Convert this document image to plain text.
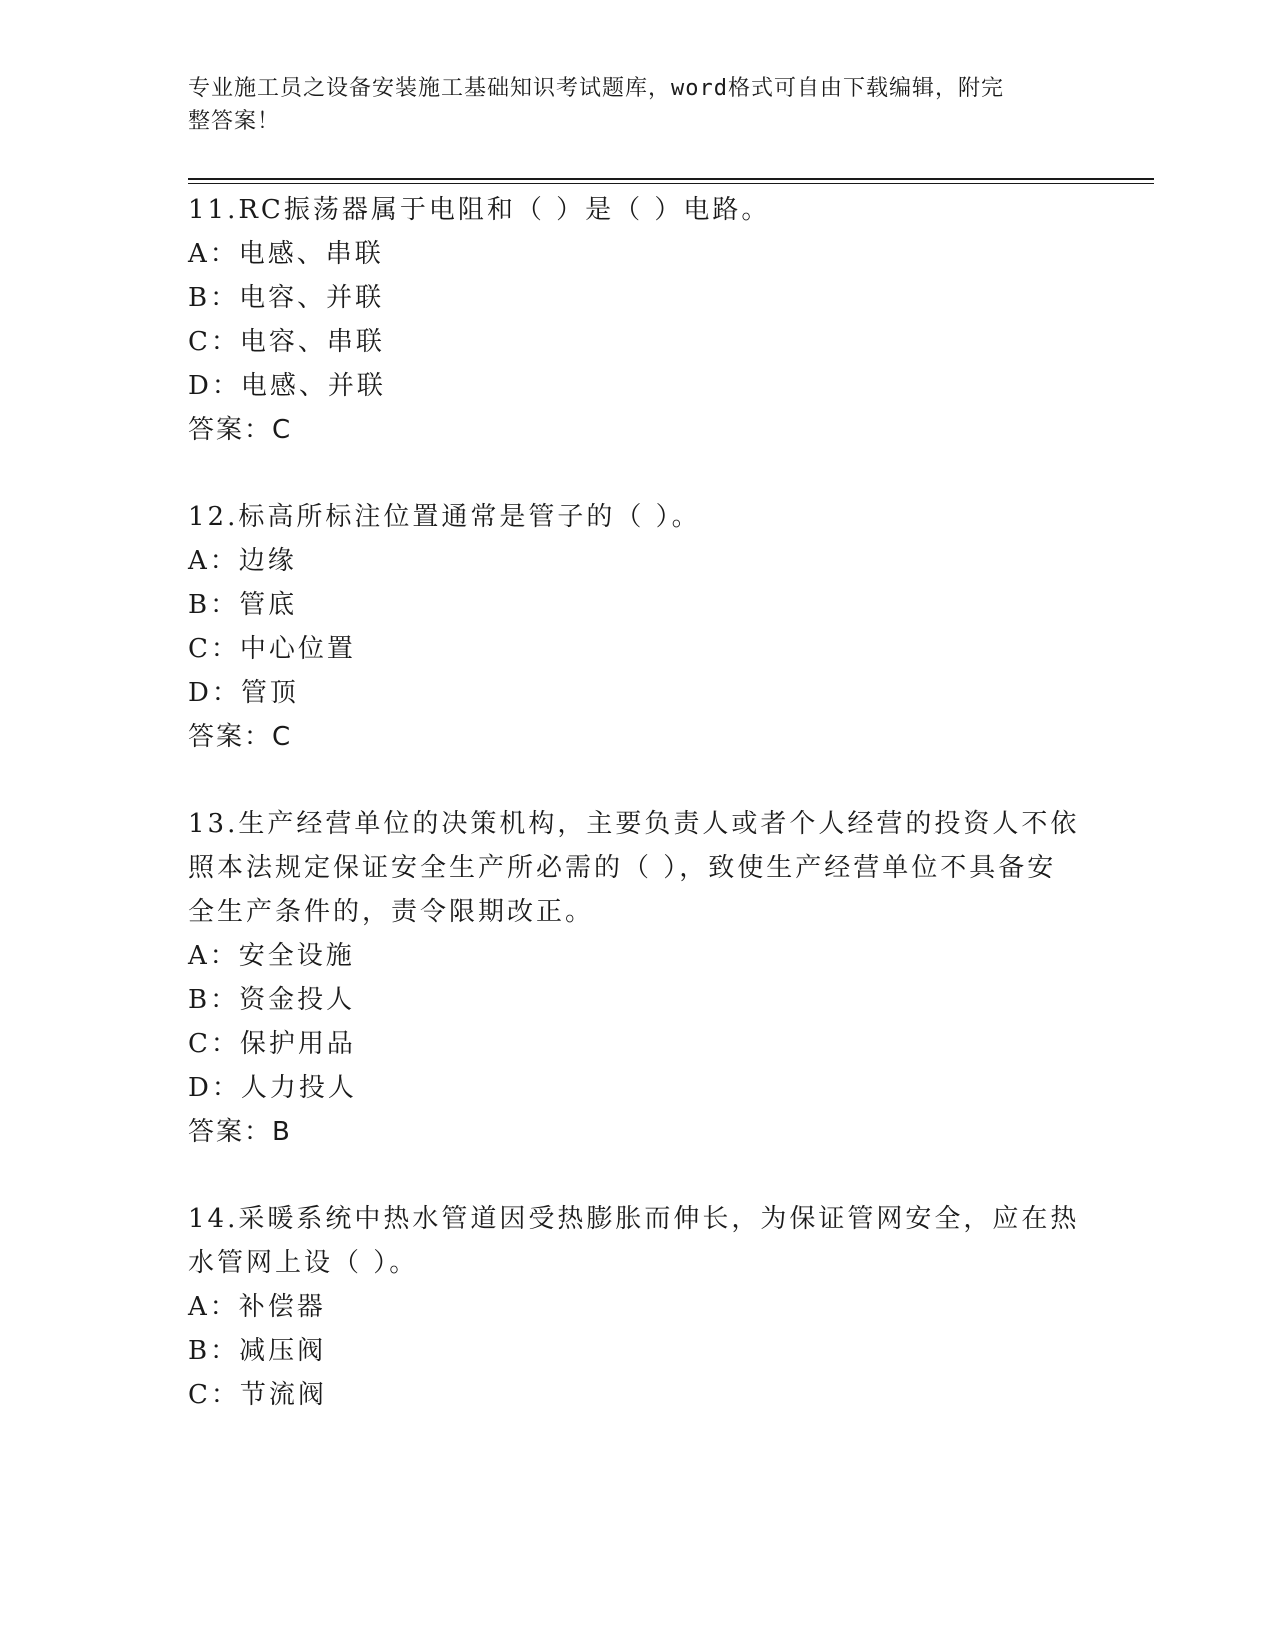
专业施工员之设备安装施工基础知识考试题库，word格式可自由下载编辑，附完
整答案！
11.RC振荡器属于电阻和（ ）是（ ）电路。
A：电感、串联
B：电容、并联
C：电容、串联
D：电感、并联
答案：C
12.标高所标注位置通常是管子的（ ）。
A：边缘
B：管底
C：中心位置
D：管顶
答案：C
13.生产经营单位的决策机构，主要负责人或者个人经营的投资人不依
照本法规定保证安全生产所必需的（ ），致使生产经营单位不具备安
全生产条件的，责令限期改正。
A：安全设施
B：资金投人
C：保护用品
D：人力投人
答案：B
14.采暖系统中热水管道因受热膨胀而伸长，为保证管网安全，应在热
水管网上设（ ）。
A：补偿器
B：减压阀
C：节流阀
